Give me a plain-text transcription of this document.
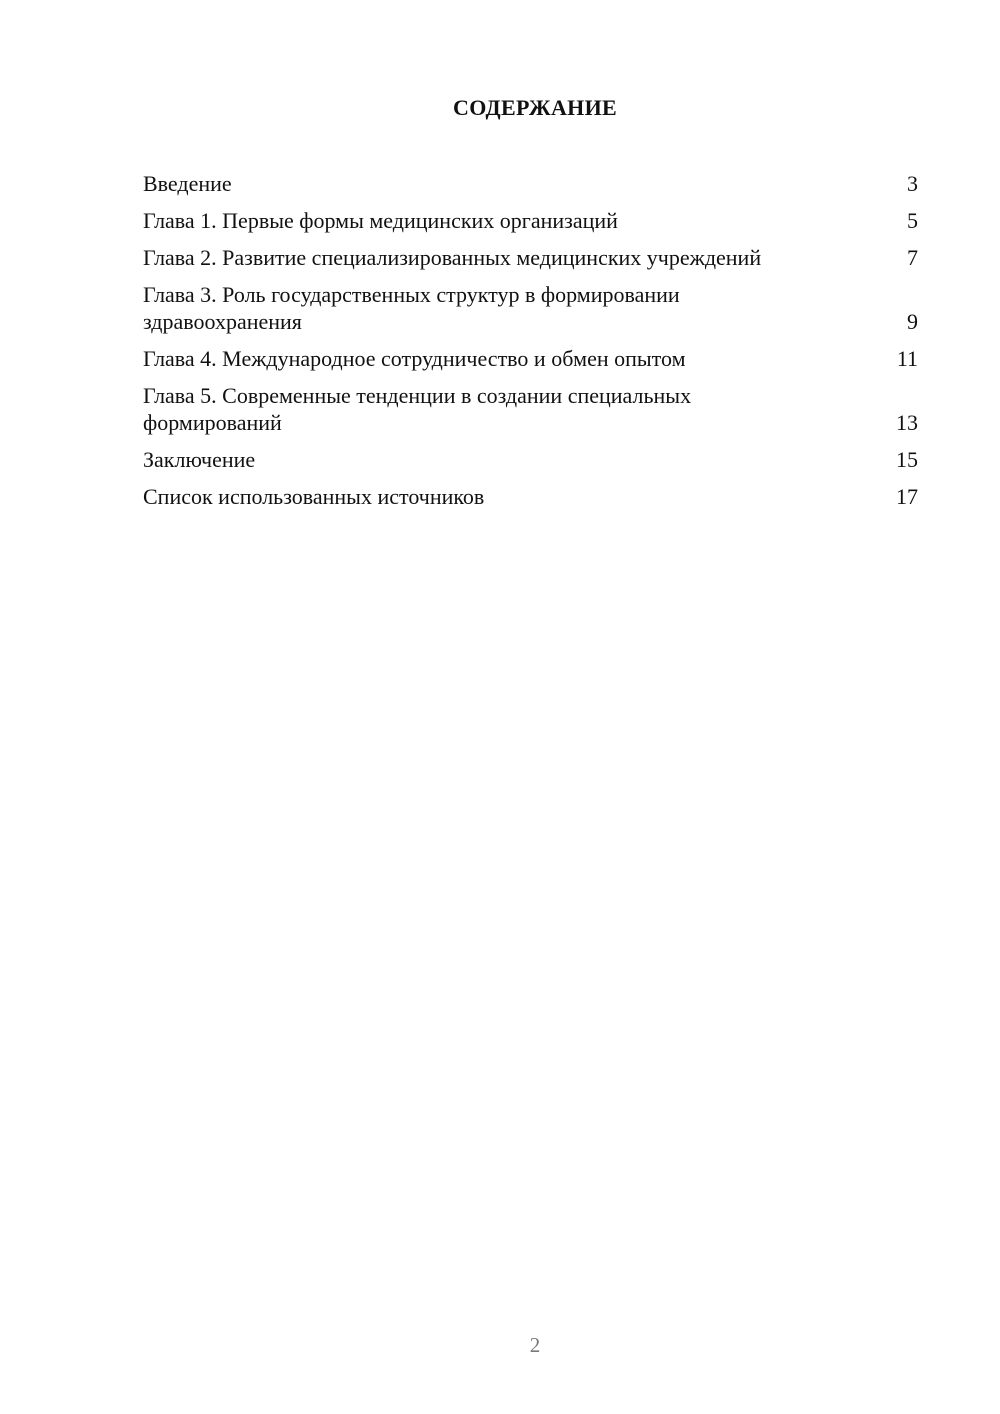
СОДЕРЖАНИЕ
Введение	3
Глава 1. Первые формы медицинских организаций	5
Глава 2. Развитие специализированных медицинских учреждений	7
Глава 3. Роль государственных структур в формировании здравоохранения	9
Глава 4. Международное сотрудничество и обмен опытом	11
Глава 5. Современные тенденции в создании специальных формирований	13
Заключение	15
Список использованных источников	17
2
